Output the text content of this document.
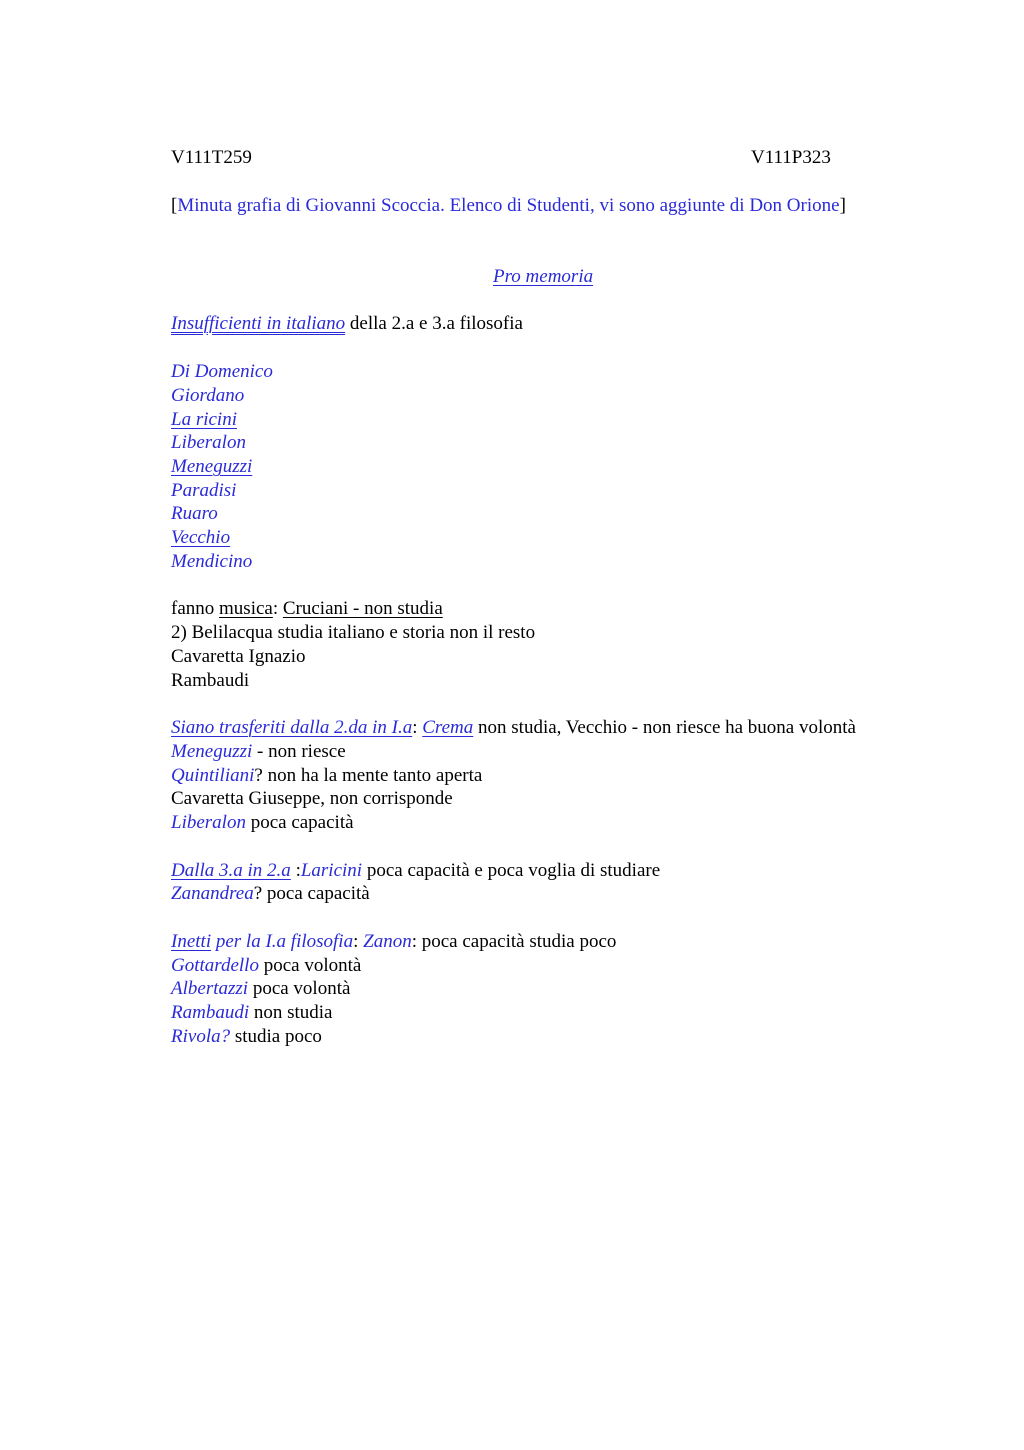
V111T259	V111P323
[Minuta grafia di Giovanni Scoccia. Elenco di Studenti, vi sono aggiunte di Don Orione]
Pro memoria
Insufficienti in italiano della 2.a e 3.a filosofia
Di Domenico
Giordano
La ricini
Liberalon
Meneguzzi
Paradisi
Ruaro
Vecchio
Mendicino
fanno musica: Cruciani - non studia
2) Belilacqua studia italiano e storia non il resto
Cavaretta Ignazio
Rambaudi
Siano trasferiti dalla 2.da in I.a: Crema non studia, Vecchio - non riesce ha buona volontà
Meneguzzi - non riesce
Quintiliani? non ha la mente tanto aperta
Cavaretta Giuseppe, non corrisponde
Liberalon poca capacità
Dalla 3.a in 2.a :Laricini poca capacità e poca voglia di studiare
Zanandrea? poca capacità
Inetti per la I.a filosofia: Zanon: poca capacità studia poco
Gottardello poca volontà
Albertazzi poca volontà
Rambaudi non studia
Rivola? studia poco
